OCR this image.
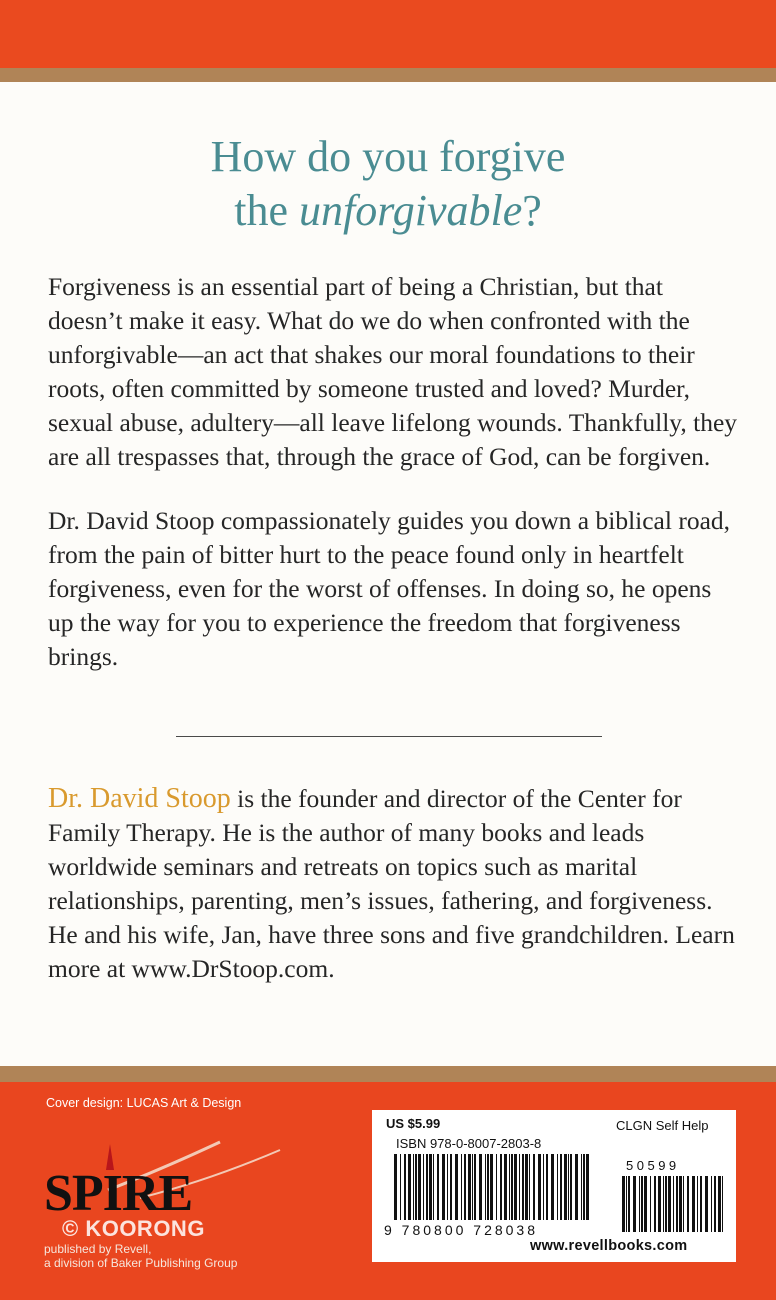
How do you forgive
the unforgivable?

Forgiveness is an essential part of being a Christian, but that doesn’t make it easy. What do we do when confronted with the unforgivable—an act that shakes our moral foundations to their roots, often committed by someone trusted and loved? Murder, sexual abuse, adultery—all leave lifelong wounds. Thankfully, they are all trespasses that, through the grace of God, can be forgiven.

Dr. David Stoop compassionately guides you down a biblical road, from the pain of bitter hurt to the peace found only in heartfelt forgiveness, even for the worst of offenses. In doing so, he opens up the way for you to experience the freedom that forgiveness brings.

Dr. David Stoop is the founder and director of the Center for Family Therapy. He is the author of many books and leads worldwide seminars and retreats on topics such as marital relationships, parenting, men’s issues, fathering, and forgiveness. He and his wife, Jan, have three sons and five grandchildren. Learn more at www.DrStoop.com.

Cover design: LUCAS Art & Design
SPIRE
© KOORONG
published by Revell,
a division of Baker Publishing Group
US $5.99	CLGN Self Help
ISBN 978-0-8007-2803-8
50599
9 780800 728038
www.revellbooks.com
